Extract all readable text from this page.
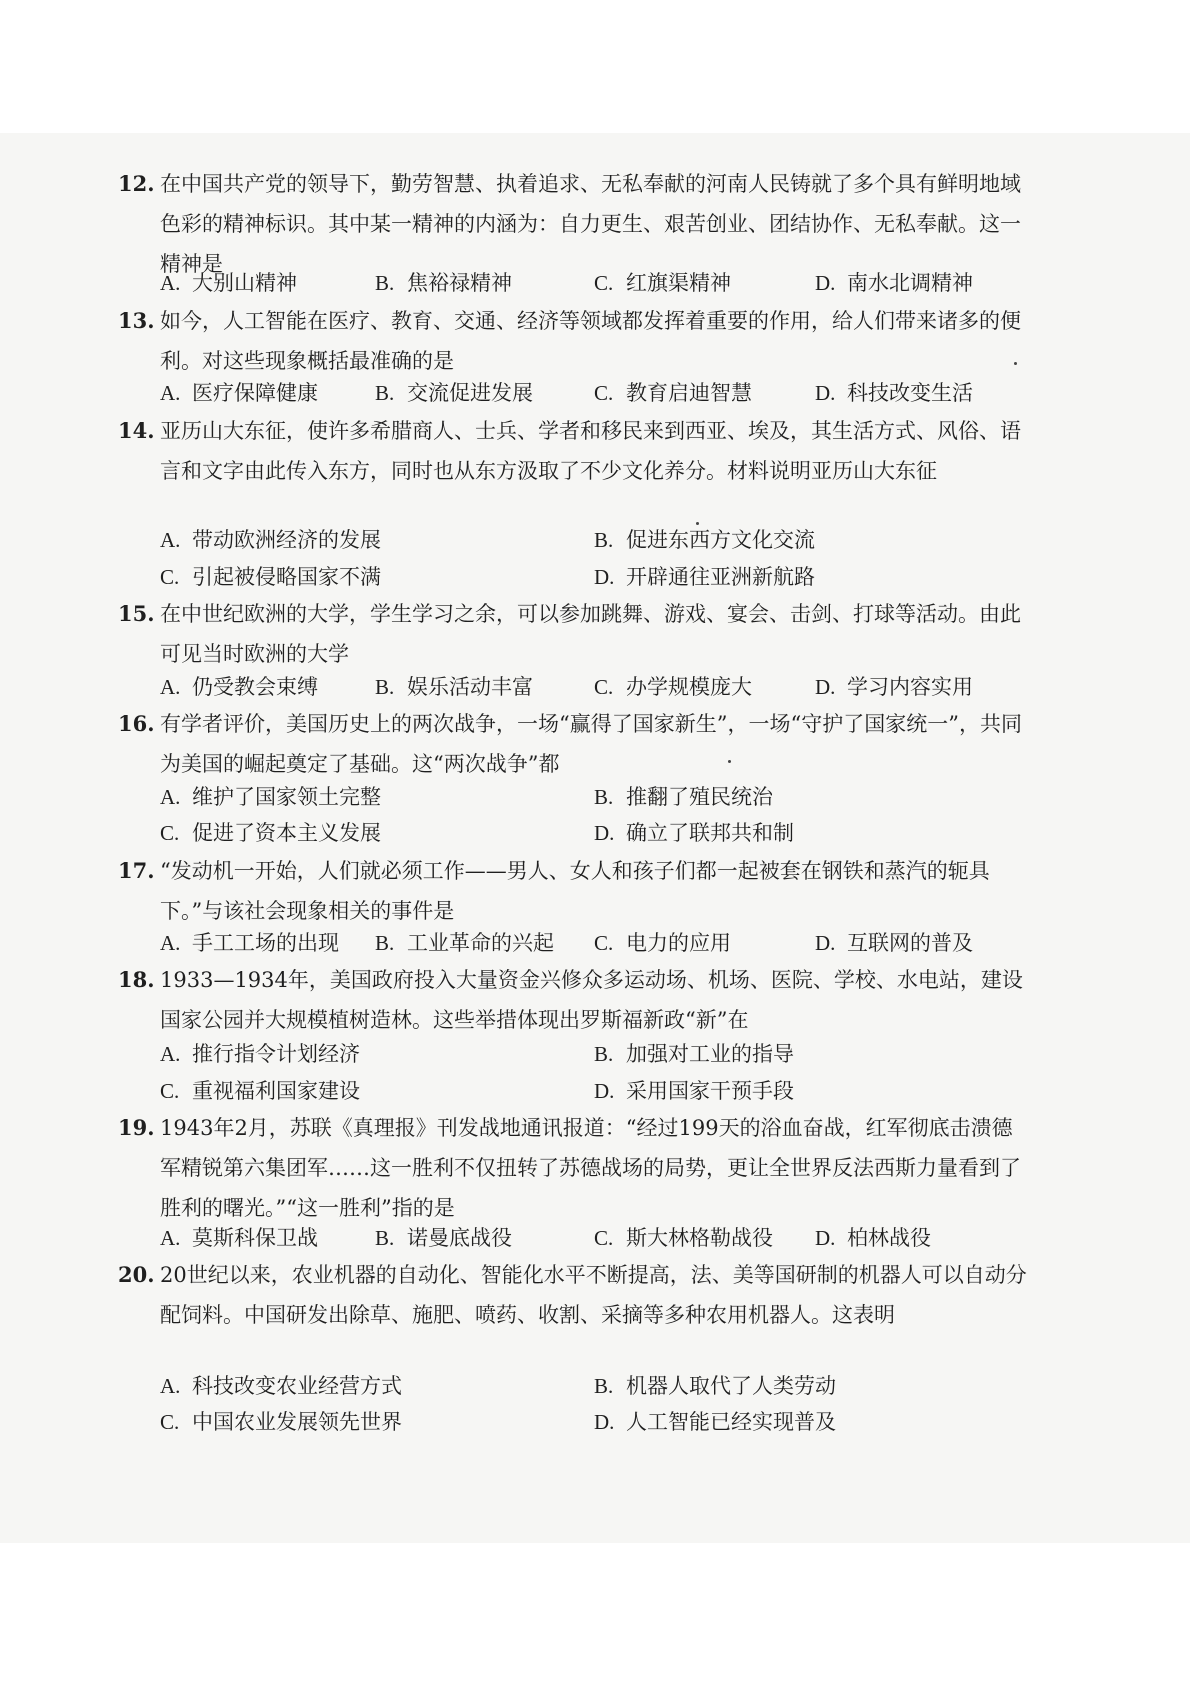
12. 在中国共产党的领导下，勤劳智慧、执着追求、无私奉献的河南人民铸就了多个具有鲜明地域色彩的精神标识。其中某一精神的内涵为：自力更生、艰苦创业、团结协作、无私奉献。这一精神是
A. 大别山精神	B. 焦裕禄精神	C. 红旗渠精神	D. 南水北调精神
13. 如今，人工智能在医疗、教育、交通、经济等领域都发挥着重要的作用，给人们带来诸多的便利。对这些现象概括最准确的是
A. 医疗保障健康	B. 交流促进发展	C. 教育启迪智慧	D. 科技改变生活
14. 亚历山大东征，使许多希腊商人、士兵、学者和移民来到西亚、埃及，其生活方式、风俗、语言和文字由此传入东方，同时也从东方汲取了不少文化养分。材料说明亚历山大东征
A. 带动欧洲经济的发展	B. 促进东西方文化交流
C. 引起被侵略国家不满	D. 开辟通往亚洲新航路
15. 在中世纪欧洲的大学，学生学习之余，可以参加跳舞、游戏、宴会、击剑、打球等活动。由此可见当时欧洲的大学
A. 仍受教会束缚	B. 娱乐活动丰富	C. 办学规模庞大	D. 学习内容实用
16. 有学者评价，美国历史上的两次战争，一场“赢得了国家新生”，一场“守护了国家统一”，共同为美国的崛起奠定了基础。这“两次战争”都
A. 维护了国家领土完整	B. 推翻了殖民统治
C. 促进了资本主义发展	D. 确立了联邦共和制
17. “发动机一开始，人们就必须工作——男人、女人和孩子们都一起被套在钢铁和蒸汽的轭具下。”与该社会现象相关的事件是
A. 手工工场的出现 B. 工业革命的兴起 C. 电力的应用	D. 互联网的普及
18. 1933—1934年，美国政府投入大量资金兴修众多运动场、机场、医院、学校、水电站，建设国家公园并大规模植树造林。这些举措体现出罗斯福新政“新”在
A. 推行指令计划经济	B. 加强对工业的指导
C. 重视福利国家建设	D. 采用国家干预手段
19. 1943年2月，苏联《真理报》刊发战地通讯报道：“经过199天的浴血奋战，红军彻底击溃德军精锐第六集团军……这一胜利不仅扭转了苏德战场的局势，更让全世界反法西斯力量看到了胜利的曙光。”“这一胜利”指的是
A. 莫斯科保卫战	B. 诺曼底战役	C. 斯大林格勒战役 D. 柏林战役
20. 20世纪以来，农业机器的自动化、智能化水平不断提高，法、美等国研制的机器人可以自动分配饲料。中国研发出除草、施肥、喷药、收割、采摘等多种农用机器人。这表明
A. 科技改变农业经营方式	B. 机器人取代了人类劳动
C. 中国农业发展领先世界	D. 人工智能已经实现普及
